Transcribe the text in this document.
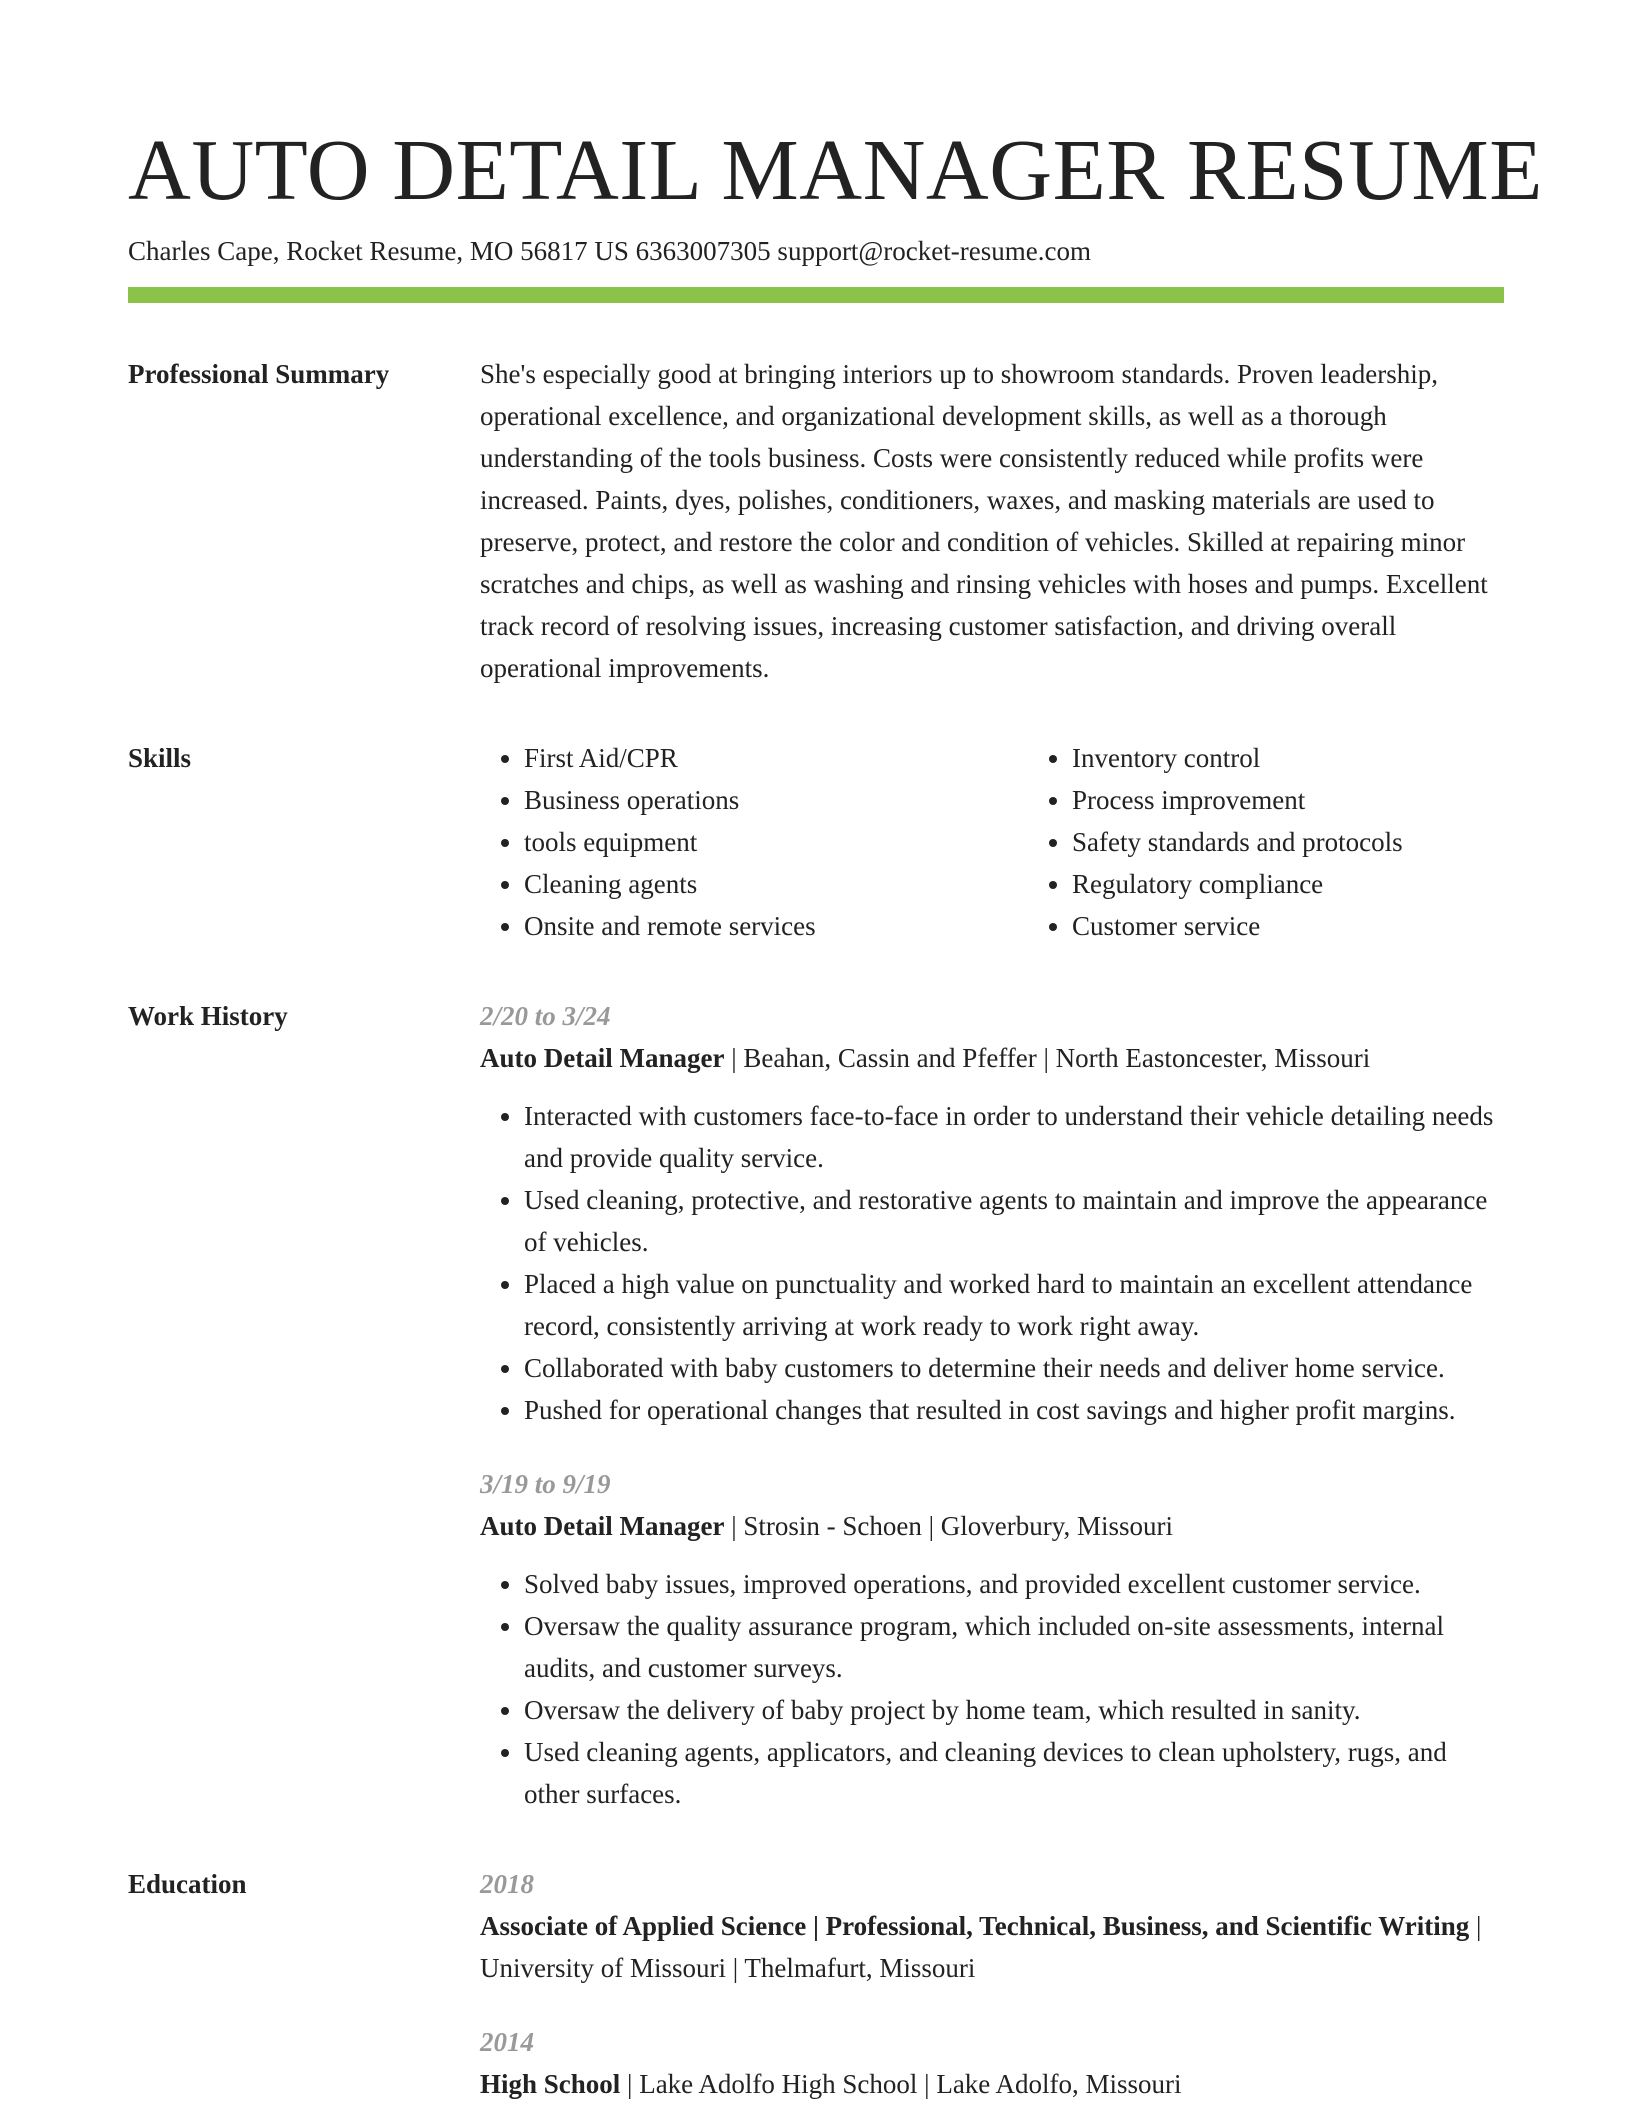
AUTO DETAIL MANAGER RESUME
Charles Cape, Rocket Resume, MO 56817 US 6363007305 support@rocket-resume.com
Professional Summary	She's especially good at bringing interiors up to showroom standards. Proven leadership, operational excellence, and organizational development skills, as well as a thorough understanding of the tools business. Costs were consistently reduced while profits were increased. Paints, dyes, polishes, conditioners, waxes, and masking materials are used to preserve, protect, and restore the color and condition of vehicles. Skilled at repairing minor scratches and chips, as well as washing and rinsing vehicles with hoses and pumps. Excellent track record of resolving issues, increasing customer satisfaction, and driving overall operational improvements.

Skills
•	First Aid/CPR
• Business operations
• tools equipment
• Cleaning agents
• Onsite and remote services
• Inventory control
• Process improvement
• Safety standards and protocols
• Regulatory compliance
• Customer service
Work History	2/20 to 3/24
Auto Detail Manager | Beahan, Cassin and Pfeffer | North Eastoncester, Missouri
• Interacted with customers face-to-face in order to understand their vehicle detailing needs and provide quality service.
• Used cleaning, protective, and restorative agents to maintain and improve the appearance of vehicles.
• Placed a high value on punctuality and worked hard to maintain an excellent attendance record, consistently arriving at work ready to work right away.
• Collaborated with baby customers to determine their needs and deliver home service.
• Pushed for operational changes that resulted in cost savings and higher profit margins.
3/19 to 9/19
Auto Detail Manager | Strosin - Schoen | Gloverbury, Missouri
• Solved baby issues, improved operations, and provided excellent customer service.
• Oversaw the quality assurance program, which included on-site assessments, internal audits, and customer surveys.
• Oversaw the delivery of baby project by home team, which resulted in sanity.
• Used cleaning agents, applicators, and cleaning devices to clean upholstery, rugs, and other surfaces.
Education	2018
Associate of Applied Science | Professional, Technical, Business, and Scientific Writing | University of Missouri | Thelmafurt, Missouri
2014
High School | Lake Adolfo High School | Lake Adolfo, Missouri
